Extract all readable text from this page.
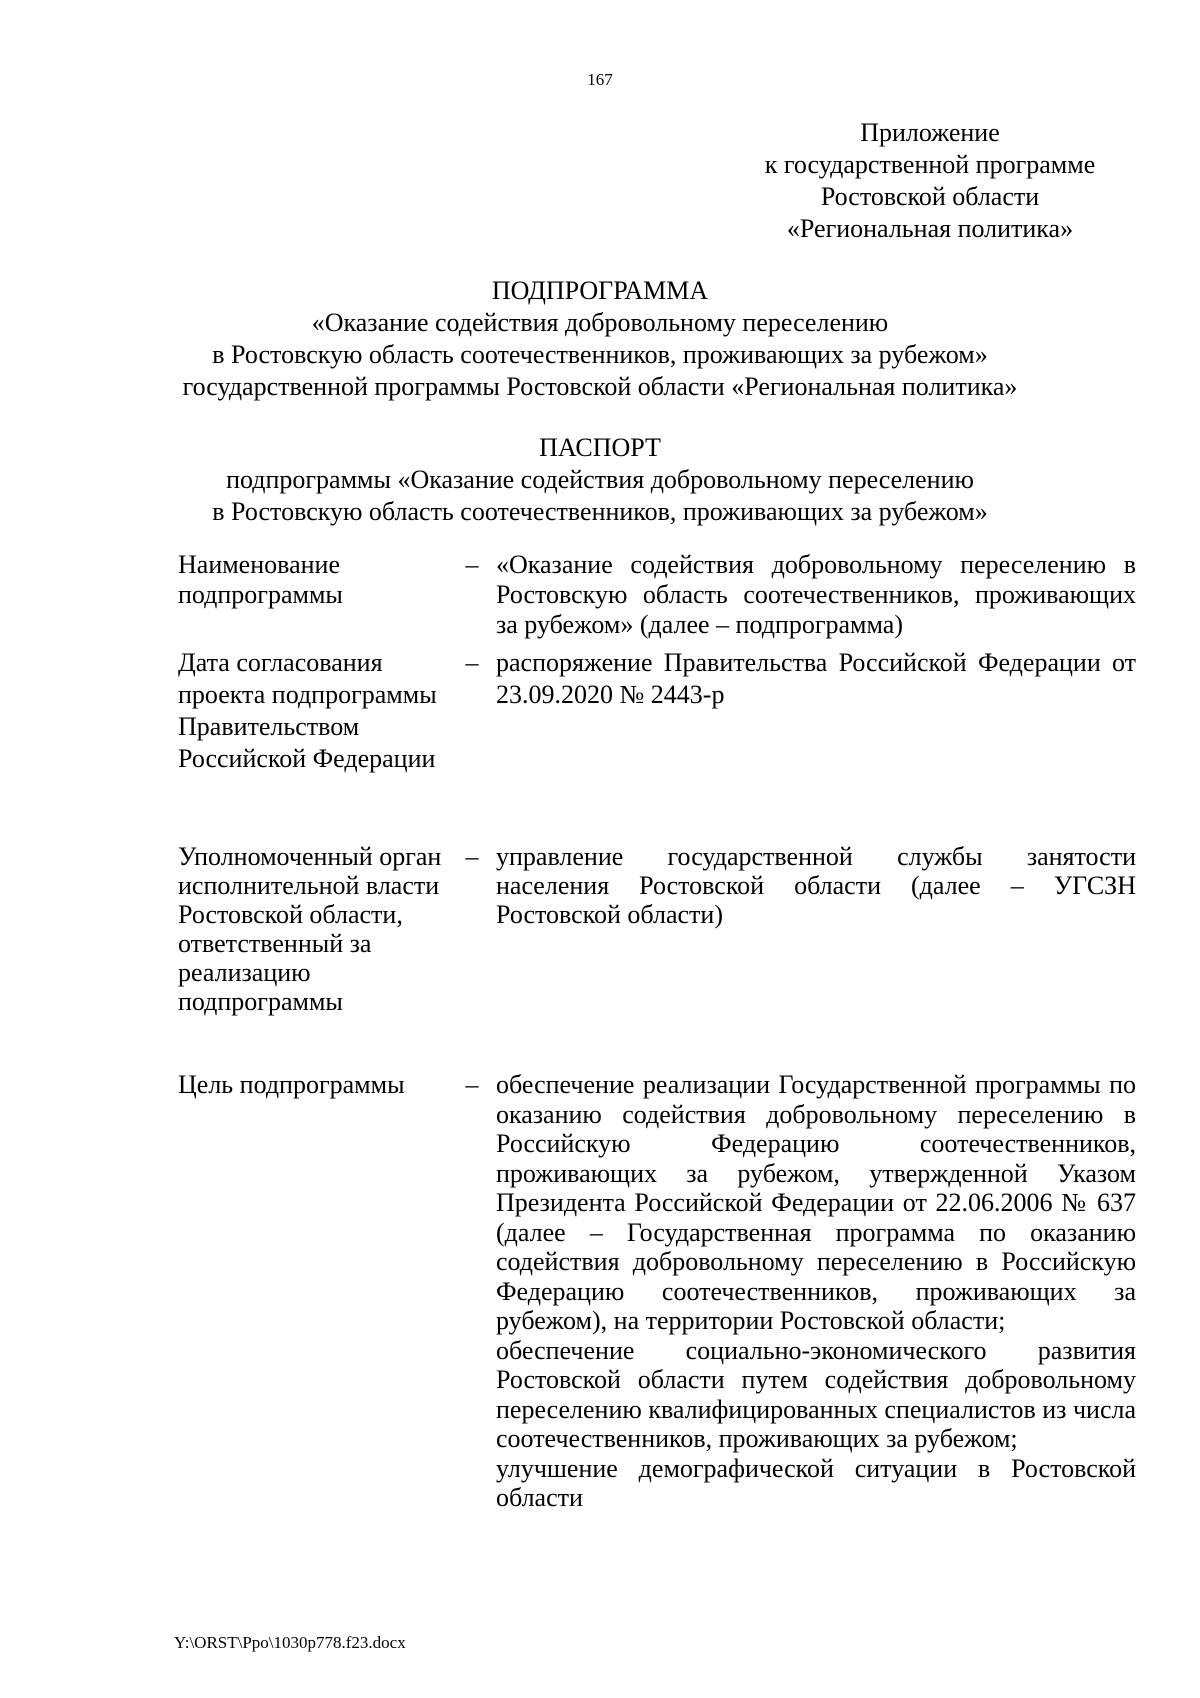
167
Приложение
к государственной программе
Ростовской области
«Региональная политика»
ПОДПРОГРАММА
«Оказание содействия добровольному переселению
в Ростовскую область соотечественников, проживающих за рубежом»
государственной программы Ростовской области «Региональная политика»
ПАСПОРТ
подпрограммы «Оказание содействия добровольному переселению
в Ростовскую область соотечественников, проживающих за рубежом»
Наименование подпрограммы
– «Оказание содействия добровольному переселению в Ростовскую область соотечественников, проживающих за рубежом» (далее – подпрограмма)

Дата согласования проекта подпрограммы Правительством Российской Федерации
– распоряжение Правительства Российской Федерации от 23.09.2020 № 2443-р

Уполномоченный орган исполнительной власти Ростовской области, ответственный за реализацию подпрограммы
– управление государственной службы занятости населения Ростовской области (далее – УГСЗН Ростовской области)

Цель подпрограммы	– обеспечение реализации Государственной программы по оказанию содействия добровольному переселению в Российскую Федерацию соотечественников, проживающих за рубежом, утвержденной Указом Президента Российской Федерации от 22.06.2006 № 637 (далее – Государственная программа по оказанию содействия добровольному переселению в Российскую Федерацию соотечественников, проживающих за рубежом), на территории Ростовской области;

обеспечение социально-экономического развития Ростовской области путем содействия добровольному переселению квалифицированных специалистов из числа соотечественников, проживающих за рубежом;

улучшение демографической ситуации в Ростовской области

Y:\ORST\Ppo\1030p778.f23.docx
